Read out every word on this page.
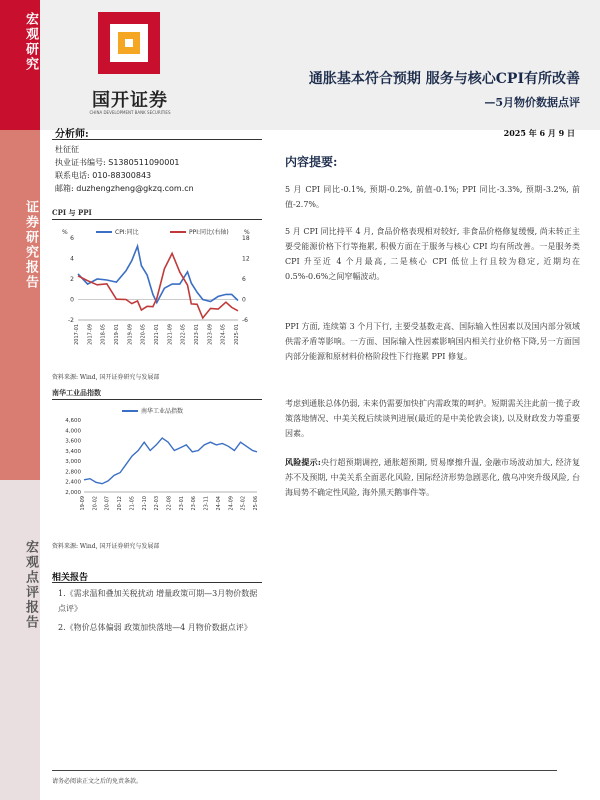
宏观研究
证券研究报告
宏观点评报告
国开证券
CHINA DEVELOPMENT BANK SECURITIES
通胀基本符合预期 服务与核心CPI有所改善
—5月物价数据点评
分析师:
杜征征
执业证书编号: S1380511090001
联系电话: 010-88300843
邮箱: duzhengzheng@gkzq.com.cn
CPI 与 PPI
%	%
6
4
2
0
-2
18
12
6
0
-6
2017-01 2017-09 2018-05 2019-01 2019-09 2020-05 2021-01 2021-09 2022-05 2023-01 2023-09 2024-05 2025-01
CPI:同比	PPI:同比(右轴)
资料来源: Wind, 国开证券研究与发展部
南华工业品指数
4,600
4,000
3,600
3,400
3,000
2,800
2,400
2,000
19-09 20-02 20-07 20-12 21-05 21-10 22-03 22-08 23-01 23-06 23-11 24-04 24-09 25-02 25-06
南华工业品指数
资料来源: Wind, 国开证券研究与发展部
相关报告
1.《需求温和叠加关税扰动 增量政策可期—3月物价数据点评》
2.《物价总体偏弱 政策加快落地—4 月物价数据点评》
2025 年 6 月 9 日
内容提要:
5 月 CPI 同比-0.1%, 预期-0.2%, 前值-0.1%; PPI 同比-3.3%, 预期-3.2%, 前值-2.7%。
5 月 CPI 同比持平 4 月, 食品价格表现相对较好, 非食品价格修复缓慢, 尚未转正主要受能源价格下行等拖累, 积极方面在于服务与核心 CPI 均有所改善。一是服务类 CPI 升至近 4 个月最高, 二是核心 CPI 低位上行且较为稳定, 近期均在 0.5%-0.6%之间窄幅波动。
PPI 方面, 连续第 3 个月下行, 主要受基数走高、国际输入性因素以及国内部分领域供需矛盾等影响。一方面、国际输入性因素影响国内相关行业价格下降,另一方面国内部分能源和原材料价格阶段性下行拖累 PPI 修复。
考虑到通胀总体仍弱, 未来仍需要加快扩内需政策的呵护。短期需关注此前一揽子政策落地情况、中美关税后续谈判进展(最近的是中美伦敦会谈), 以及财政发力等重要因素。
风险提示:央行超预期调控, 通胀超预期, 贸易摩擦升温, 金融市场波动加大, 经济复苏不及预期, 中美关系全面恶化风险, 国际经济形势急剧恶化, 俄乌冲突升级风险, 台海局势不确定性风险, 海外黑天鹅事件等。
请务必阅读正文之后的免责条款。
